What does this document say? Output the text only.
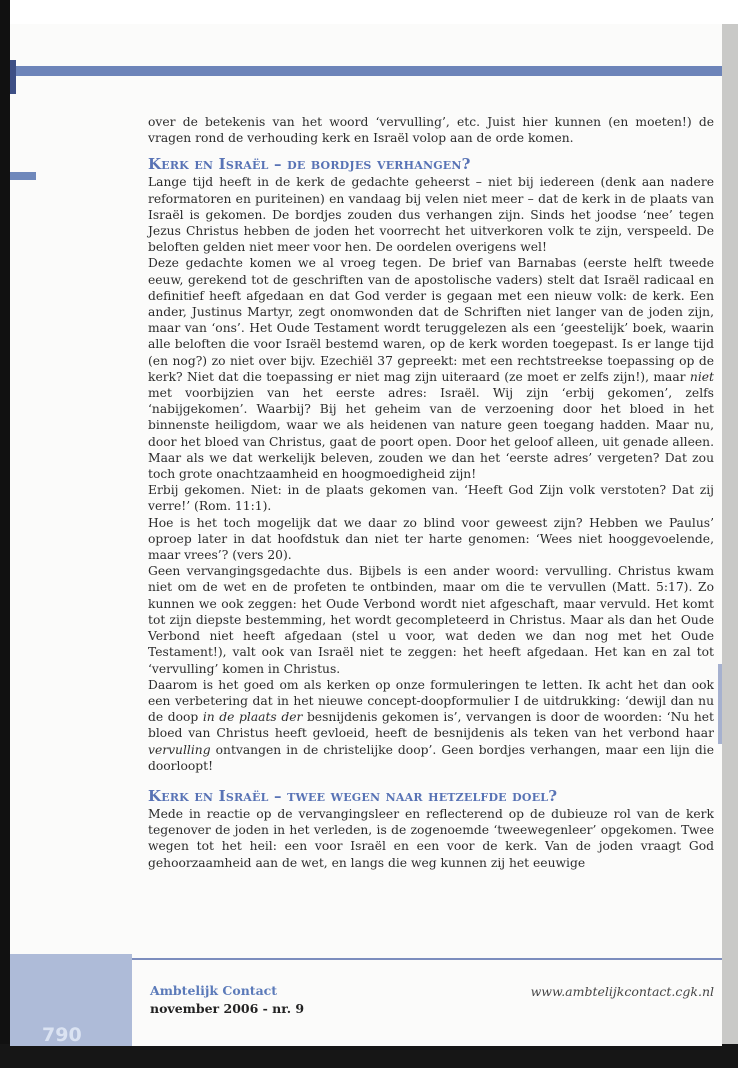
790

over de betekenis van het woord ‘vervulling’, etc. Juist hier kunnen (en moeten!) de vragen rond de verhouding kerk en Israël volop aan de orde komen.

Kerk en Israël – de bordjes verhangen?

Lange tijd heeft in de kerk de gedachte geheerst – niet bij iedereen (denk aan nadere reformatoren en puriteinen) en vandaag bij velen niet meer – dat de kerk in de plaats van Israël is gekomen. De bordjes zouden dus verhangen zijn. Sinds het joodse ‘nee’ tegen Jezus Christus hebben de joden het voorrecht het uitverkoren volk te zijn, verspeeld. De beloften gelden niet meer voor hen. De oordelen overigens wel!

Deze gedachte komen we al vroeg tegen. De brief van Barnabas (eerste helft tweede eeuw, gerekend tot de geschriften van de apostolische vaders) stelt dat Israël radicaal en definitief heeft afgedaan en dat God verder is gegaan met een nieuw volk: de kerk. Een ander, Justinus Martyr, zegt onomwonden dat de Schriften niet langer van de joden zijn, maar van ‘ons’. Het Oude Testament wordt teruggelezen als een ‘geestelijk’ boek, waarin alle beloften die voor Israël bestemd waren, op de kerk worden toegepast. Is er lange tijd (en nog?) zo niet over bijv. Ezechiël 37 gepreekt: met een rechtstreekse toepassing op de kerk? Niet dat die toepassing er niet mag zijn uiteraard (ze moet er zelfs zijn!), maar niet met voorbijzien van het eerste adres: Israël. Wij zijn ‘erbij gekomen’, zelfs ‘nabijgekomen’. Waarbij? Bij het geheim van de verzoening door het bloed in het binnenste heiligdom, waar we als heidenen van nature geen toegang hadden. Maar nu, door het bloed van Christus, gaat de poort open. Door het geloof alleen, uit genade alleen. Maar als we dat werkelijk beleven, zouden we dan het ‘eerste adres’ vergeten? Dat zou toch grote onachtzaamheid en hoogmoedigheid zijn!

Erbij gekomen. Niet: in de plaats gekomen van. ‘Heeft God Zijn volk verstoten? Dat zij verre!’ (Rom. 11:1).

Hoe is het toch mogelijk dat we daar zo blind voor geweest zijn? Hebben we Paulus’ oproep later in dat hoofdstuk dan niet ter harte genomen: ‘Wees niet hooggevoelende, maar vrees’? (vers 20).

Geen vervangingsgedachte dus. Bijbels is een ander woord: vervulling. Christus kwam niet om de wet en de profeten te ontbinden, maar om die te vervullen (Matt. 5:17). Zo kunnen we ook zeggen: het Oude Verbond wordt niet afgeschaft, maar vervuld. Het komt tot zijn diepste bestemming, het wordt gecompleteerd in Christus. Maar als dan het Oude Verbond niet heeft afgedaan (stel u voor, wat deden we dan nog met het Oude Testament!), valt ook van Israël niet te zeggen: het heeft afgedaan. Het kan en zal tot ‘vervulling’ komen in Christus.

Daarom is het goed om als kerken op onze formuleringen te letten. Ik acht het dan ook een verbetering dat in het nieuwe concept-doopformulier I de uitdrukking: ‘dewijl dan nu de doop in de plaats der besnijdenis gekomen is’, vervangen is door de woorden: ‘Nu het bloed van Christus heeft gevloeid, heeft de besnijdenis als teken van het verbond haar vervulling ontvangen in de christelijke doop’. Geen bordjes verhangen, maar een lijn die doorloopt!

Kerk en Israël – twee wegen naar hetzelfde doel?

Mede in reactie op de vervangingsleer en reflecterend op de dubieuze rol van de kerk tegenover de joden in het verleden, is de zogenoemde ‘tweewegenleer’ opgekomen. Twee wegen tot het heil: een voor Israël en een voor de kerk. Van de joden vraagt God gehoorzaamheid aan de wet, en langs die weg kunnen zij het eeuwige

Ambtelijk Contact
november 2006 - nr. 9
www.ambtelijkcontact.cgk.nl
